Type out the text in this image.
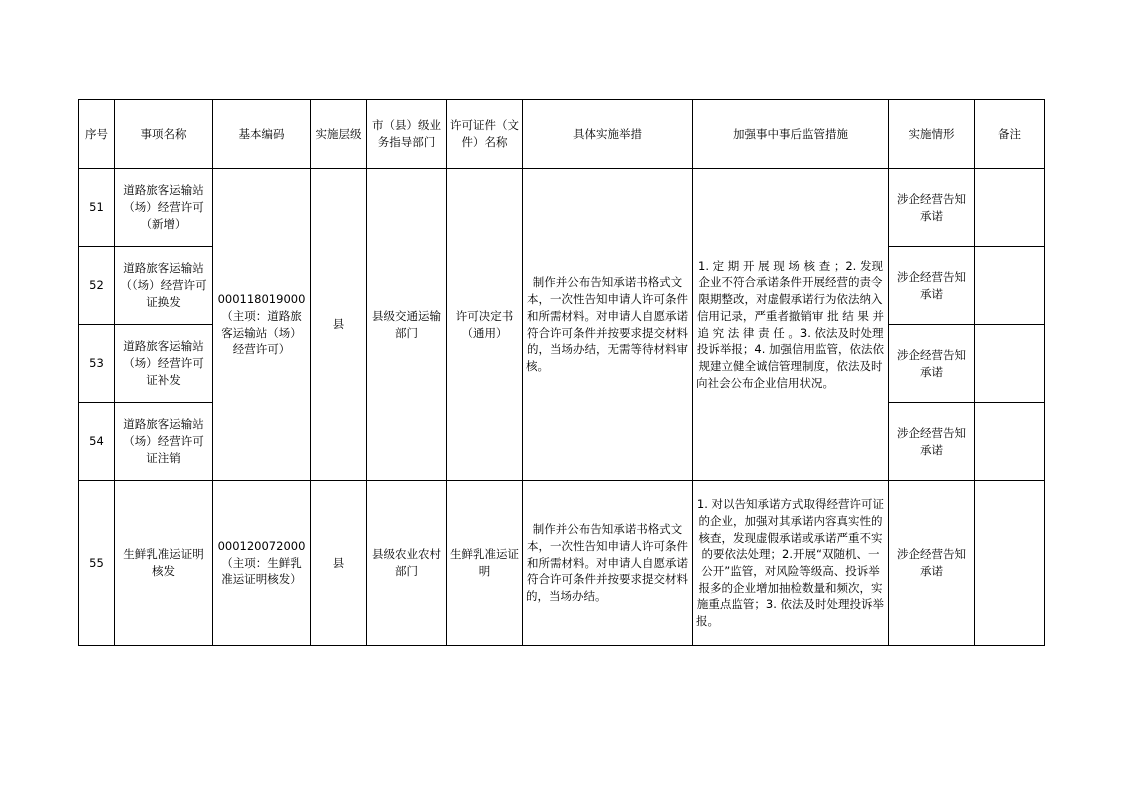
序号	事项名称	基本编码	实施层级	市（县）级业务指导部门	许可证件（文件）名称	具体实施举措	加强事中事后监管措施	实施情形	备注
51	道路旅客运输站（场）经营许可（新增）	000118019000（主项：道路旅客运输站（场）经营许可）	县	县级交通运输部门	许可决定书（通用）	制作并公布告知承诺书格式文本，一次性告知申请人许可条件和所需材料。对申请人自愿承诺符合许可条件并按要求提交材料的，当场办结，无需等待材料审核。	1. 定 期 开 展 现 场 核 查 ；2. 发现企业不符合承诺条件开展经营的责令限期整改，对虚假承诺行为依法纳入信用记录，严重者撤销审 批 结 果 并 追 究 法 律 责 任 。3. 依法及时处理投诉举报；4. 加强信用监管，依法依规建立健全诚信管理制度，依法及时向社会公布企业信用状况。	涉企经营告知承诺	
52	道路旅客运输站（（场）经营许可证换发							涉企经营告知承诺	
53	道路旅客运输站（场）经营许可证补发							涉企经营告知承诺	
54	道路旅客运输站（场）经营许可证注销							涉企经营告知承诺	
55	生鲜乳准运证明核发	000120072000（主项：生鲜乳准运证明核发）	县	县级农业农村部门	生鲜乳准运证明	制作并公布告知承诺书格式文本，一次性告知申请人许可条件和所需材料。对申请人自愿承诺符合许可条件并按要求提交材料的，当场办结。	1. 对以告知承诺方式取得经营许可证的企业，加强对其承诺内容真实性的核查，发现虚假承诺或承诺严重不实的要依法处理；2.开展“双随机、一公开”监管，对风险等级高、投诉举报多的企业增加抽检数量和频次，实施重点监管；3. 依法及时处理投诉举报。	涉企经营告知承诺	
